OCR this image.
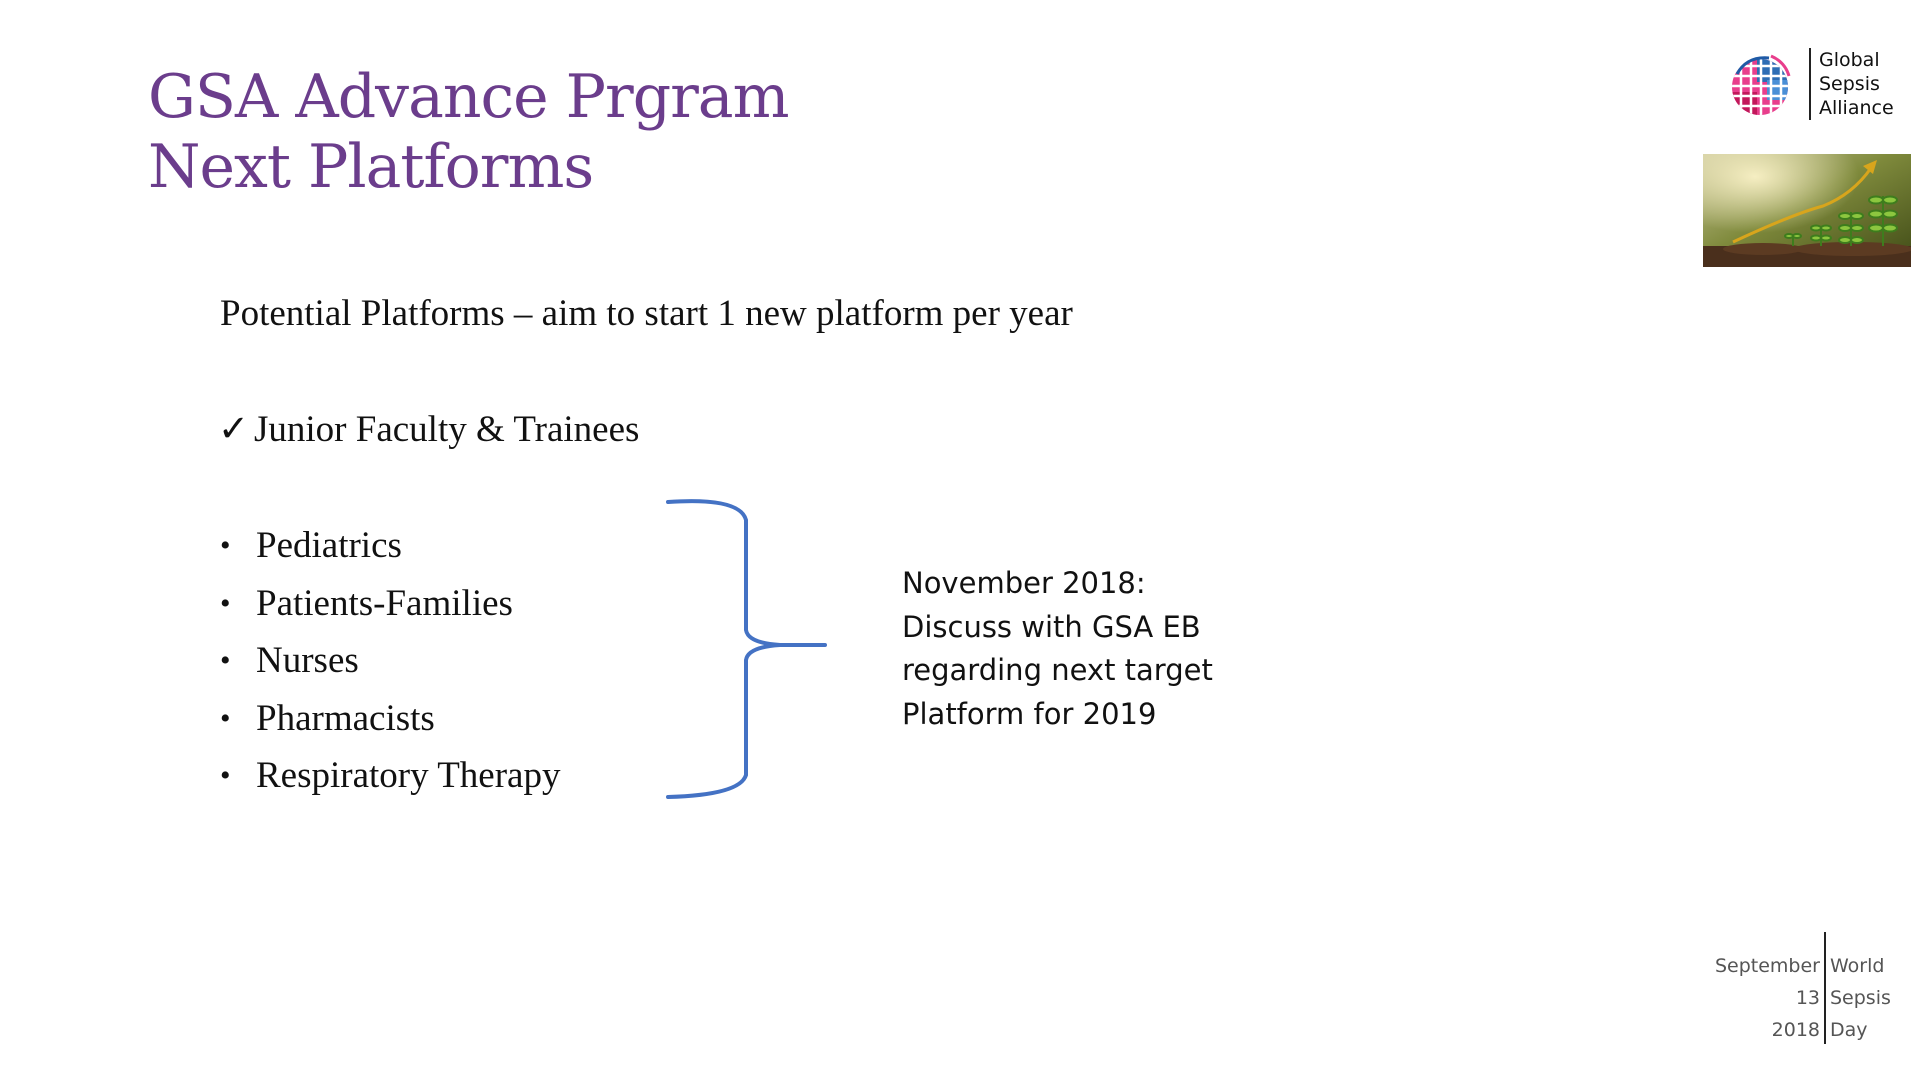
GSA Advance Prgram
Next Platforms
Global
Sepsis
Alliance
Potential Platforms – aim to start 1 new platform per year
✓ Junior Faculty & Trainees
• Pediatrics
• Patients-Families
• Nurses
• Pharmacists
• Respiratory Therapy
November 2018:
Discuss with GSA EB
regarding next target
Platform for 2019
September
13
2018
World
Sepsis
Day
